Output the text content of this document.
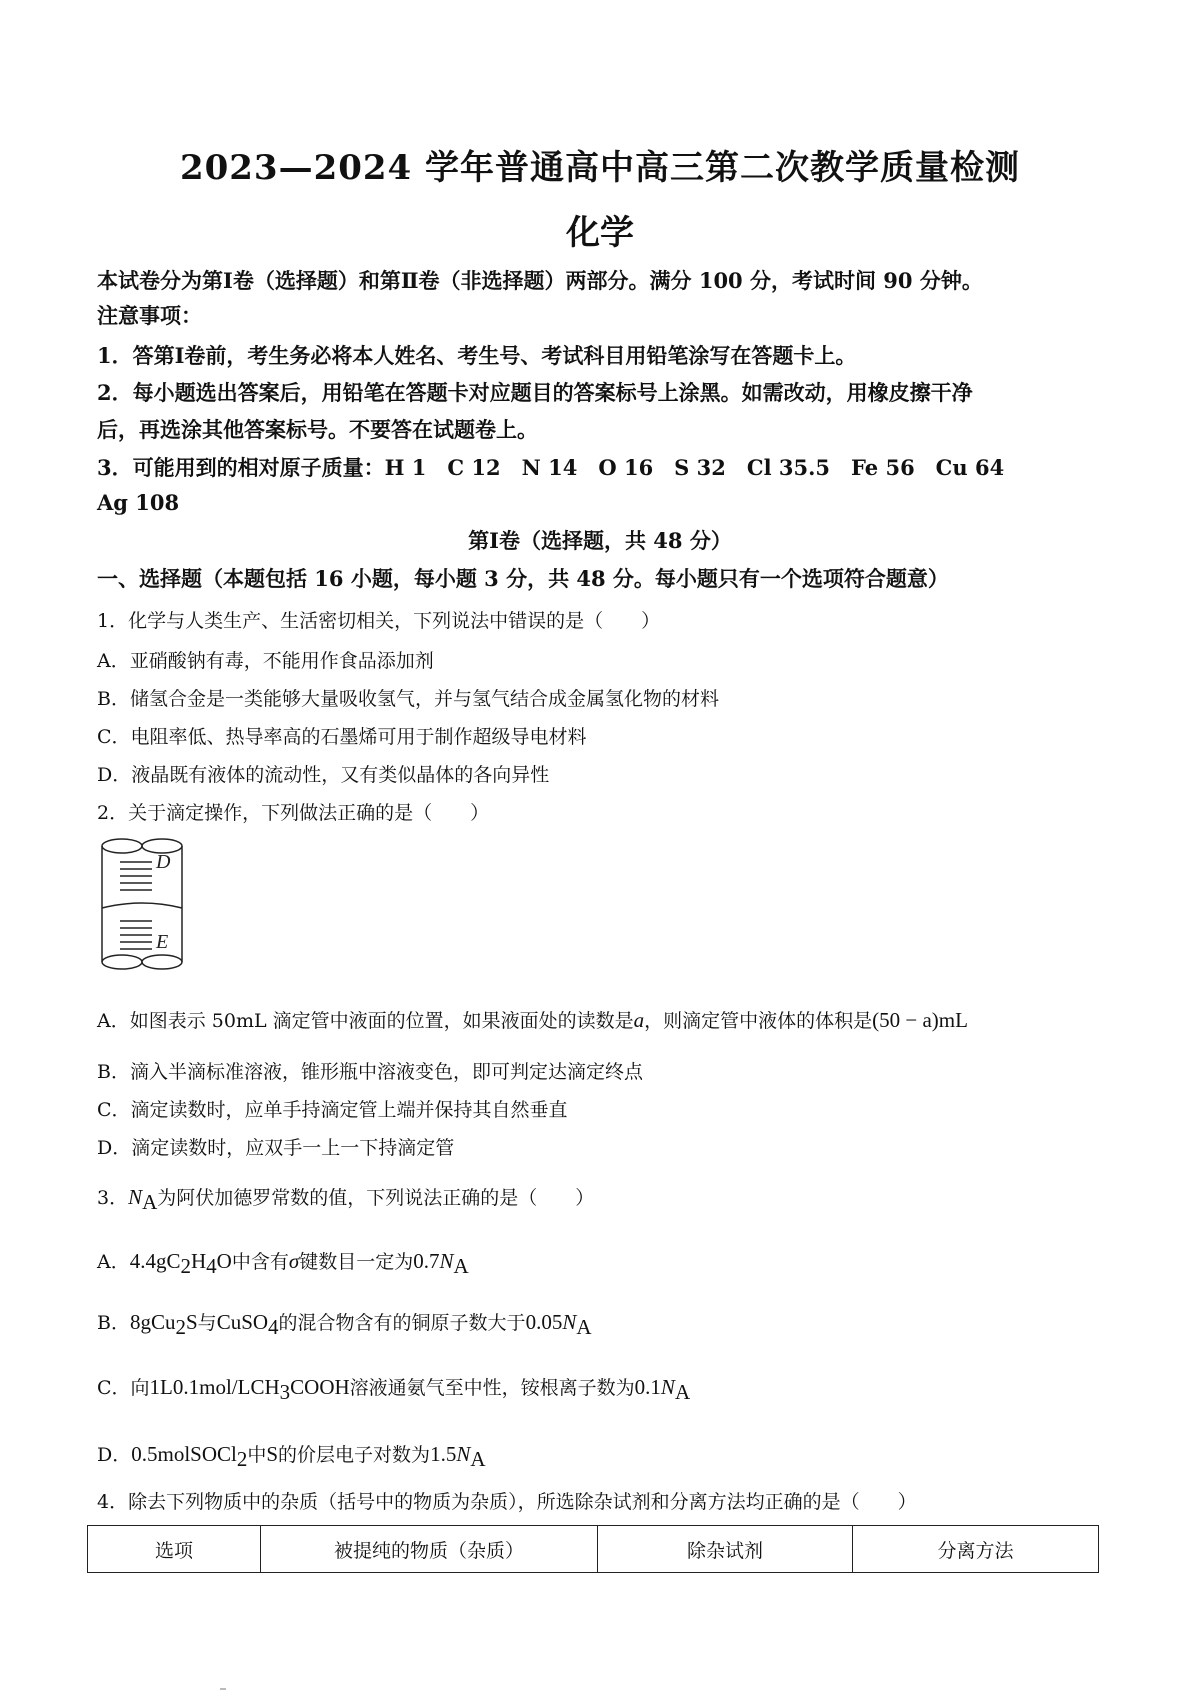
2023—2024 学年普通高中高三第二次教学质量检测
化学
本试卷分为第Ⅰ卷（选择题）和第Ⅱ卷（非选择题）两部分。满分 100 分，考试时间 90 分钟。
注意事项：
1．答第Ⅰ卷前，考生务必将本人姓名、考生号、考试科目用铅笔涂写在答题卡上。
2．每小题选出答案后，用铅笔在答题卡对应题目的答案标号上涂黑。如需改动，用橡皮擦干净
后，再选涂其他答案标号。不要答在试题卷上。
3．可能用到的相对原子质量：H 1　C 12　N 14　O 16　S 32　Cl 35.5　Fe 56　Cu 64
Ag 108
第Ⅰ卷（选择题，共 48 分）
一、选择题（本题包括 16 小题，每小题 3 分，共 48 分。每小题只有一个选项符合题意）
1．化学与人类生产、生活密切相关，下列说法中错误的是（　　）
A．亚硝酸钠有毒，不能用作食品添加剂
B．储氢合金是一类能够大量吸收氢气，并与氢气结合成金属氢化物的材料
C．电阻率低、热导率高的石墨烯可用于制作超级导电材料
D．液晶既有液体的流动性，又有类似晶体的各向异性
2．关于滴定操作，下列做法正确的是（　　）
D
E
A．如图表示 50mL 滴定管中液面的位置，如果液面处的读数是a，则滴定管中液体的体积是(50 − a)mL
B．滴入半滴标准溶液，锥形瓶中溶液变色，即可判定达滴定终点
C．滴定读数时，应单手持滴定管上端并保持其自然垂直
D．滴定读数时，应双手一上一下持滴定管
3．$N_A$为阿伏加德罗常数的值，下列说法正确的是（　　）
A．$4.4gC_2H_4O$中含有σ键数目一定为$0.7N_A$
B．8gCu$_2$S与CuSO$_4$的混合物含有的铜原子数大于$0.05N_A$
C．向$1L0.1mol/LCH_3COOH$溶液通氨气至中性，铵根离子数为$0.1N_A$
D．0.5molSOCl$_2$中S的价层电子对数为$1.5N_A$
4．除去下列物质中的杂质（括号中的物质为杂质），所选除杂试剂和分离方法均正确的是（　　）
选项	被提纯的物质（杂质）	除杂试剂	分离方法
